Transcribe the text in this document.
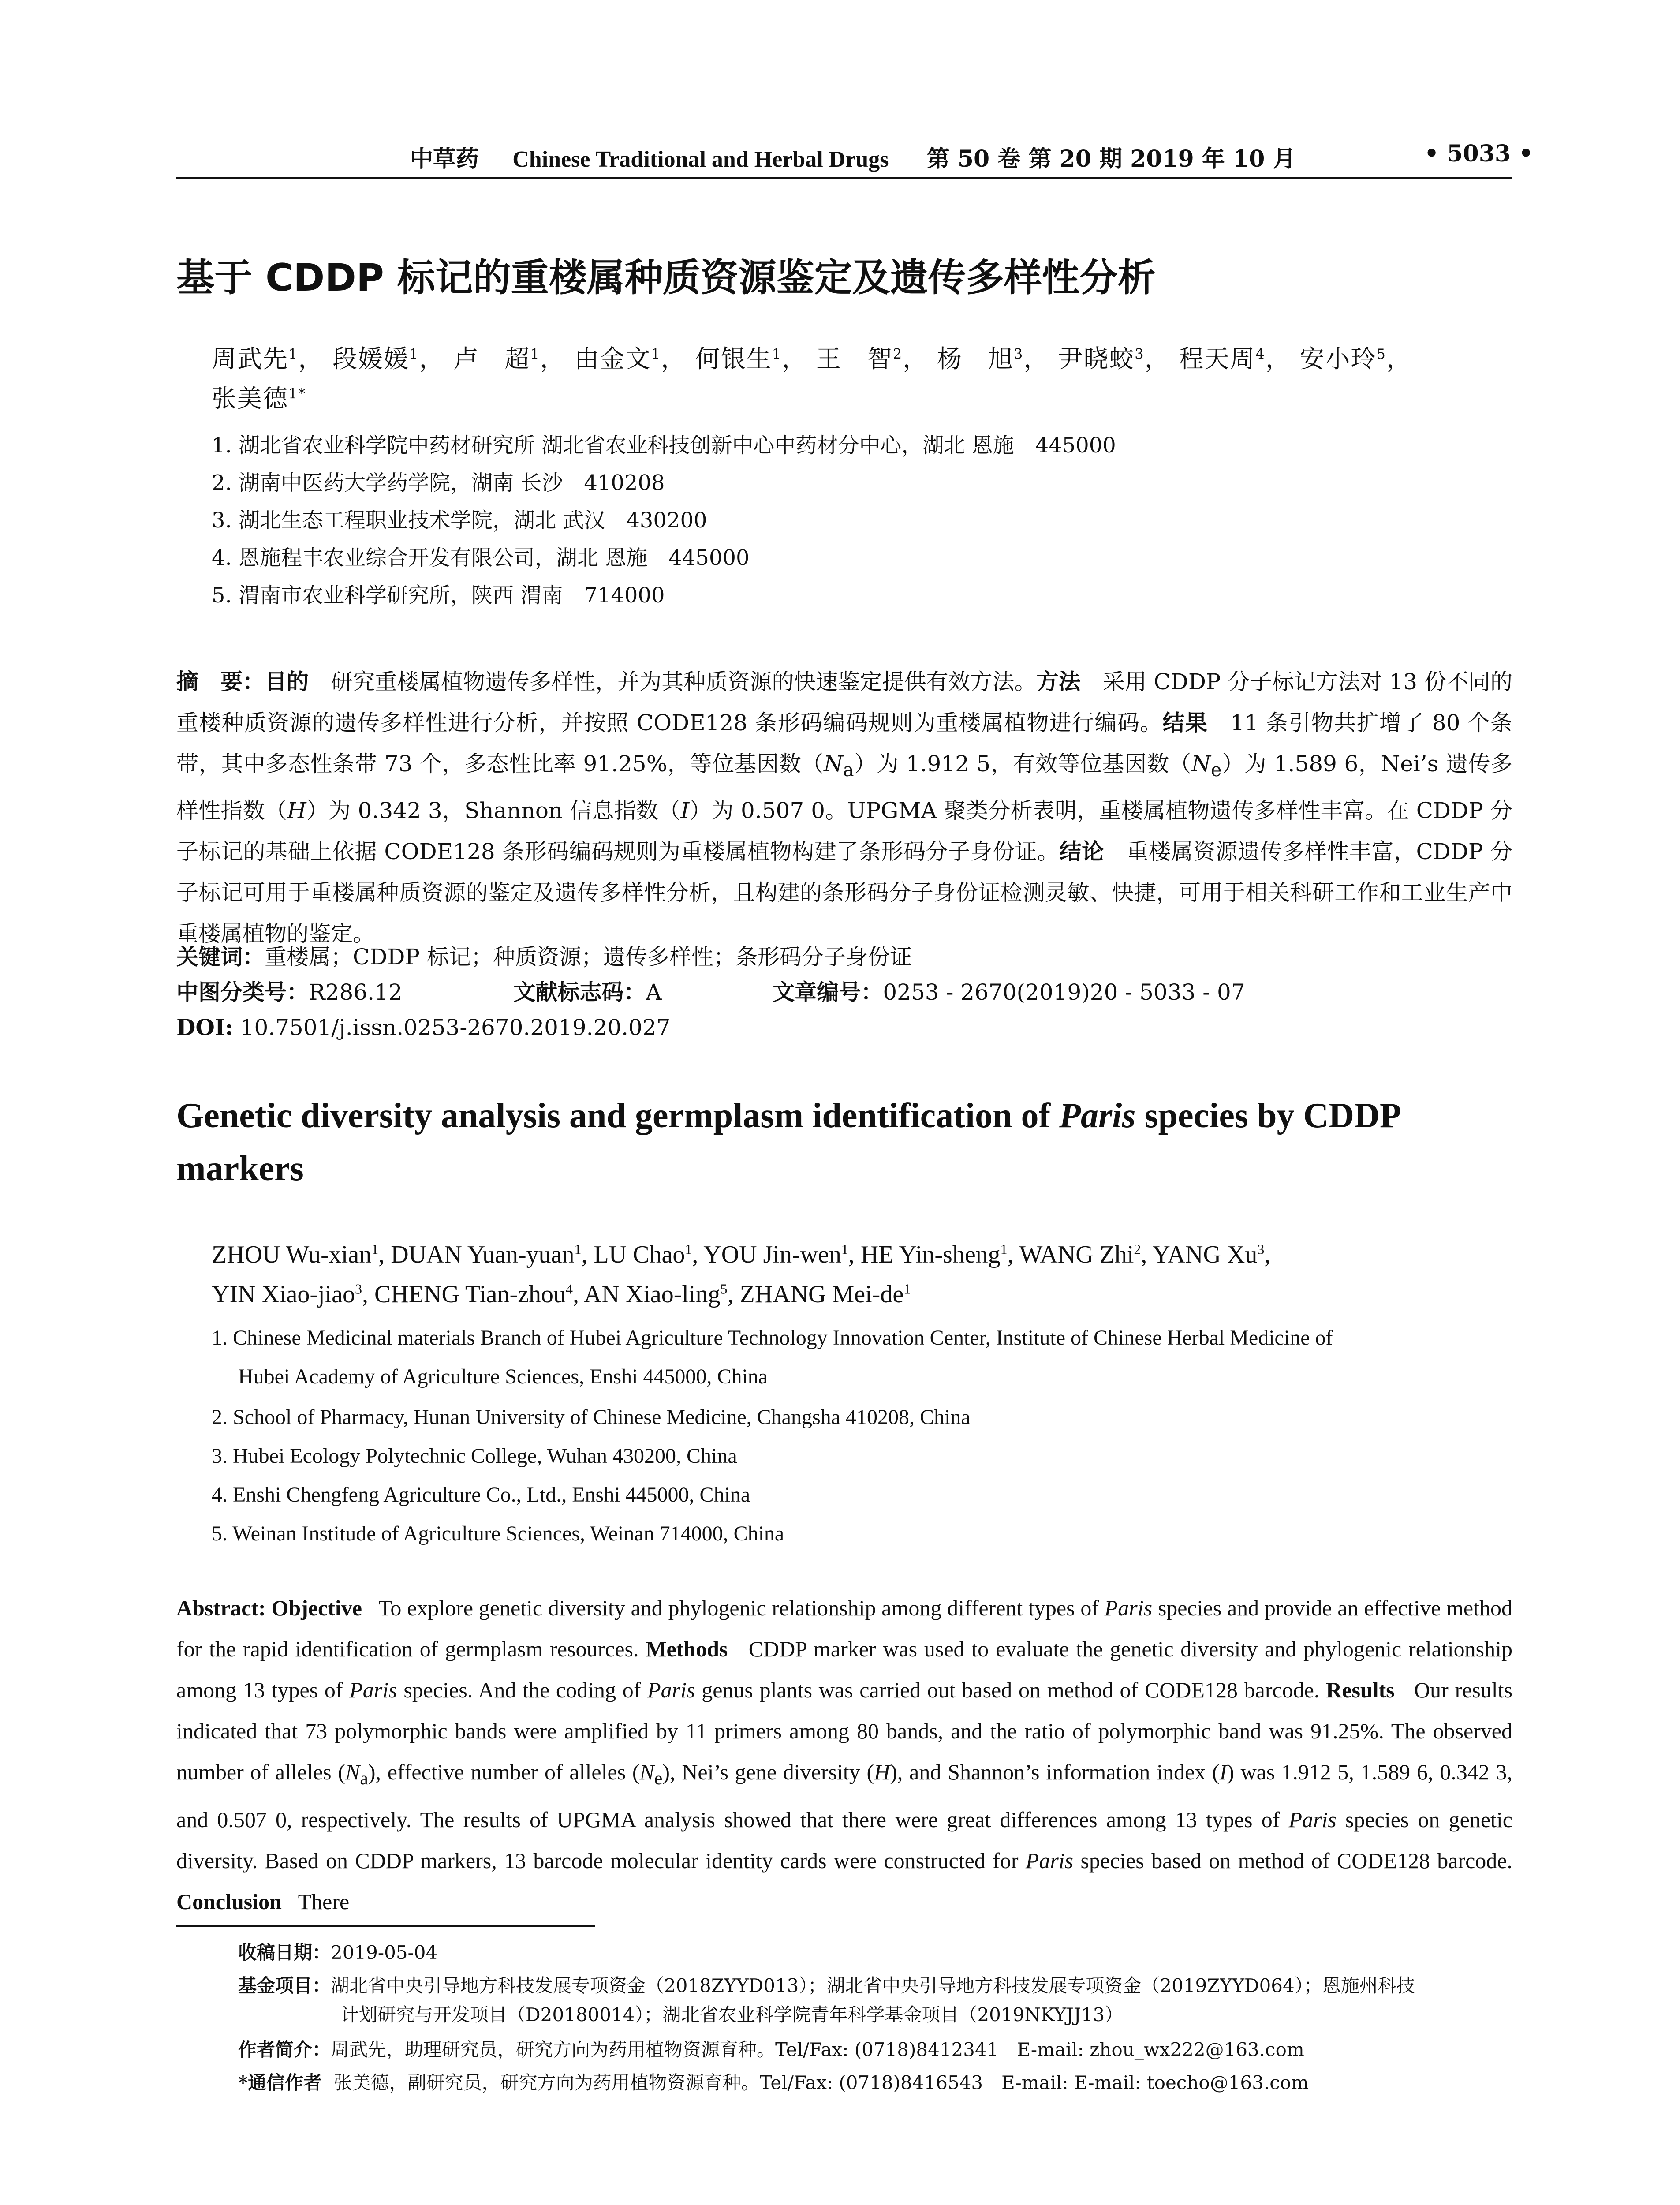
中草药 Chinese Traditional and Herbal Drugs 第 50 卷 第 20 期 2019 年 10 月	• 5033 •
基于 CDDP 标记的重楼属种质资源鉴定及遗传多样性分析
周武先$^1$， 段媛媛$^1$， 卢　超$^1$， 由金文$^1$， 何银生$^1$， 王　智$^2$， 杨　旭$^3$， 尹晓蛟$^3$， 程天周$^4$， 安小玲$^5$，
张美德$^{1*}$
1. 湖北省农业科学院中药材研究所 湖北省农业科技创新中心中药材分中心，湖北 恩施　445000
2. 湖南中医药大学药学院，湖南 长沙　410208
3. 湖北生态工程职业技术学院，湖北 武汉　430200
4. 恩施程丰农业综合开发有限公司，湖北 恩施　445000
5. 渭南市农业科学研究所，陕西 渭南　714000
摘　要：目的　 研究重楼属植物遗传多样性，并为其种质资源的快速鉴定提供有效方法。方法　 采用 CDDP 分子标记方法对 13 份不同的重楼种质资源的遗传多样性进行分析，并按照 CODE128 条形码编码规则为重楼属植物进行编码。结果　 11 条引物共扩增了 80 个条带，其中多态性条带 73 个，多态性比率 91.25%，等位基因数$(N_a)$为 1.912 5，有效等位基因数$(N_e)$为 1.589 6，Nei’s 遗传多样性指数（H）为 0.342 3，Shannon 信息指数（I）为 0.507 0。UPGMA 聚类分析表明，重楼属植物遗传多样性丰富。在 CDDP 分子标记的基础上依据 CODE128 条形码编码规则为重楼属植物构建了条形码分子身份证。结论　 重楼属资源遗传多样性丰富，CDDP 分子标记可用于重楼属种质资源的鉴定及遗传多样性分析，且构建的条形码分子身份证检测灵敏、快捷，可用于相关科研工作和工业生产中重楼属植物的鉴定。
关键词：重楼属；CDDP 标记；种质资源；遗传多样性；条形码分子身份证
中图分类号：R286.12	文献标志码：A	文章编号：0253 - 2670(2019)20 - 5033 - 07
DOI: 10.7501/j.issn.0253-2670.2019.20.027
Genetic diversity analysis and germplasm identification of Paris species by CDDP markers
ZHOU Wu-xian$^1$, DUAN Yuan-yuan$^1$, LU Chao$^1$, YOU Jin-wen$^1$, HE Yin-sheng$^1$, WANG Zhi$^2$, YANG Xu$^3$,
YIN Xiao-jiao$^3$, CHENG Tian-zhou$^4$, AN Xiao-ling$^5$, ZHANG Mei-$de^1$
1. Chinese Medicinal materials Branch of Hubei Agriculture Technology Innovation Center, Institute of Chinese Herbal Medicine of
Hubei Academy of Agriculture Sciences, Enshi 445000, China
2. School of Pharmacy, Hunan University of Chinese Medicine, Changsha 410208, China
3. Hubei Ecology Polytechnic College, Wuhan 430200, China
4. Enshi Chengfeng Agriculture Co., Ltd., Enshi 445000, China
5. Weinan Institude of Agriculture Sciences, Weinan 714000, China
Abstract: Objective To explore genetic diversity and phylogenic relationship among different types of Paris species and provide an effective method for the rapid identification of germplasm resources. Methods CDDP marker was used to evaluate the genetic diversity and phylogenic relationship among 13 types of Paris species. And the coding of Paris genus plants was carried out based on method of CODE128 barcode. Results Our results indicated that 73 polymorphic bands were amplified by 11 primers among 80 bands, and the ratio of polymorphic band was 91.25%. The observed number of alleles $(N_a)$, effective number of alleles $(N_e)$, Nei’s gene diversity (H), and Shannon’s information index (I) was 1.912 5, 1.589 6, 0.342 3, and 0.507 0, respectively. The results of UPGMA analysis showed that there were great differences among 13 types of Paris species on genetic diversity. Based on CDDP markers, 13 barcode molecular identity cards were constructed for Paris species based on method of CODE128 barcode. Conclusion There
收稿日期：2019-05-04
基金项目：湖北省中央引导地方科技发展专项资金（2018ZYYD013）；湖北省中央引导地方科技发展专项资金（2019ZYYD064）；恩施州科技
计划研究与开发项目（D20180014）；湖北省农业科学院青年科学基金项目（2019NKYJJ13）
作者简介：周武先，助理研究员，研究方向为药用植物资源育种。Tel/Fax: (0718)8412341　E-mail: zhou_wx222@163.com
*通信作者 张美德，副研究员，研究方向为药用植物资源育种。Tel/Fax: (0718)8416543　E-mail: E-mail: toecho@163.com
